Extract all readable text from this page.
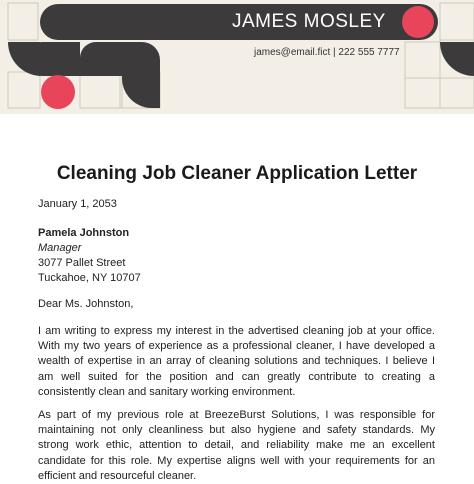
JAMES MOSLEY
james@email.fict | 222 555 7777
Cleaning Job Cleaner Application Letter
January 1, 2053
Pamela Johnston
Manager
3077 Pallet Street
Tuckahoe, NY 10707
Dear Ms. Johnston,
I am writing to express my interest in the advertised cleaning job at your office. With my two years of experience as a professional cleaner, I have developed a wealth of expertise in an array of cleaning solutions and techniques. I believe I am well suited for the position and can greatly contribute to creating a consistently clean and sanitary working environment.
As part of my previous role at BreezeBurst Solutions, I was responsible for maintaining not only cleanliness but also hygiene and safety standards. My strong work ethic, attention to detail, and reliability make me an excellent candidate for this role. My expertise aligns well with your requirements for an efficient and resourceful cleaner.
